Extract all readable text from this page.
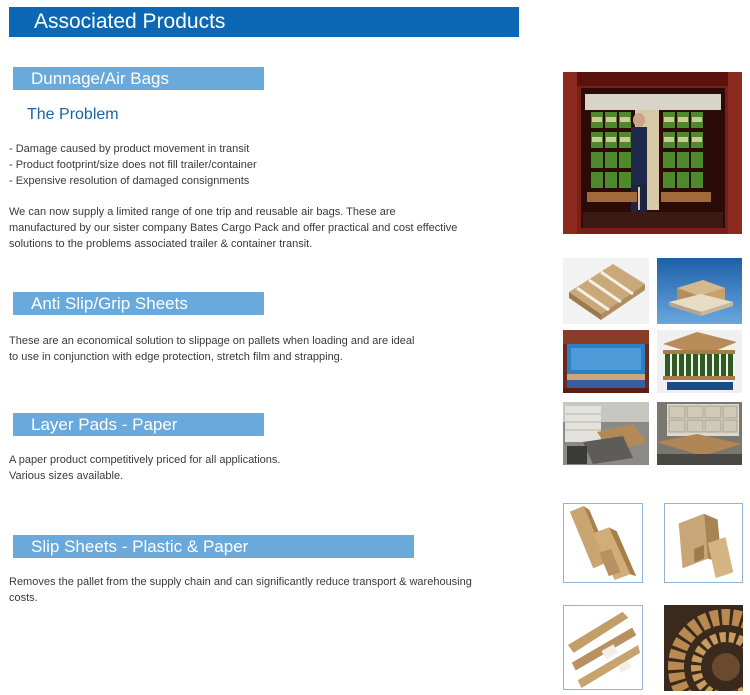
Associated Products
Dunnage/Air Bags
The Problem
- Damage caused by product movement in transit
- Product footprint/size does not fill trailer/container
- Expensive resolution of damaged consignments
We can now supply a limited range of one trip and reusable air bags. These are
manufactured by our sister company Bates Cargo Pack and offer practical and cost effective
solutions to the problems associated trailer & container transit.
Anti Slip/Grip Sheets
These are an economical solution to slippage on pallets when loading and are ideal
to use in conjunction with edge protection, stretch film and strapping.
Layer Pads - Paper
A paper product competitively priced for all applications.
Various sizes available.
Slip Sheets - Plastic & Paper
Removes the pallet from the supply chain and can significantly reduce transport & warehousing
costs.
